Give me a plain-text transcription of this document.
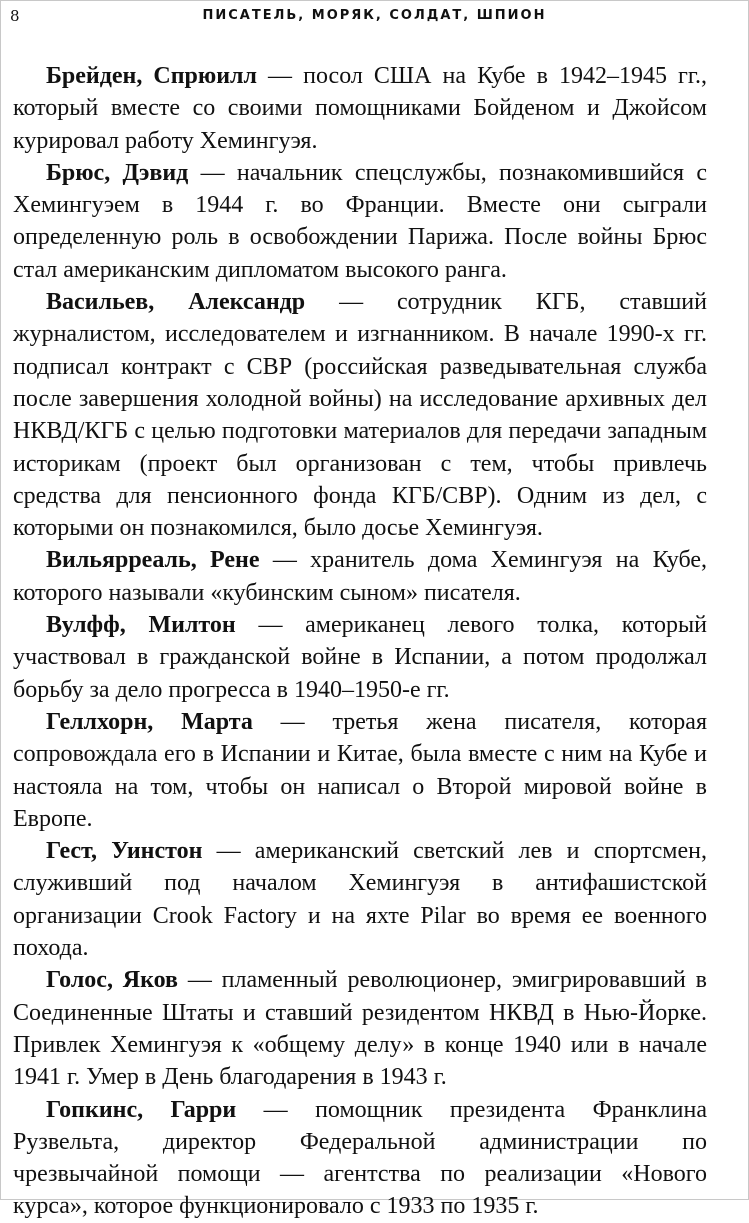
8	ПИСАТЕЛЬ, МОРЯК, СОЛДАТ, ШПИОН

Брейден, Спрюилл — посол США на Кубе в 1942–1945 гг., который вместе со своими помощниками Бойденом и Джойсом курировал работу Хемингуэя.

Брюс, Дэвид — начальник спецслужбы, познакомившийся с Хемингуэем в 1944 г. во Франции. Вместе они сыграли определенную роль в освобождении Парижа. После войны Брюс стал американским дипломатом высокого ранга.

Васильев, Александр — сотрудник КГБ, ставший журналистом, исследователем и изгнанником. В начале 1990-х гг. подписал контракт с СВР (российская разведывательная служба после завершения холодной войны) на исследование архивных дел НКВД/КГБ с целью подготовки материалов для передачи западным историкам (проект был организован с тем, чтобы привлечь средства для пенсионного фонда КГБ/СВР). Одним из дел, с которыми он познакомился, было досье Хемингуэя.

Вильярреаль, Рене — хранитель дома Хемингуэя на Кубе, которого называли «кубинским сыном» писателя.

Вулфф, Милтон — американец левого толка, который участвовал в гражданской войне в Испании, а потом продолжал борьбу за дело прогресса в 1940–1950-е гг.

Геллхорн, Марта — третья жена писателя, которая сопровождала его в Испании и Китае, была вместе с ним на Кубе и настояла на том, чтобы он написал о Второй мировой войне в Европе.

Гест, Уинстон — американский светский лев и спортсмен, служивший под началом Хемингуэя в антифашистской организации Crook Factory и на яхте Pilar во время ее военного похода.

Голос, Яков — пламенный революционер, эмигрировавший в Соединенные Штаты и ставший резидентом НКВД в Нью-Йорке. Привлек Хемингуэя к «общему делу» в конце 1940 или в начале 1941 г. Умер в День благодарения в 1943 г.

Гопкинс, Гарри — помощник президента Франклина Рузвельта, директор Федеральной администрации по чрезвычайной помощи — агентства по реализации «Нового курса», которое функционировало с 1933 по 1935 г.
